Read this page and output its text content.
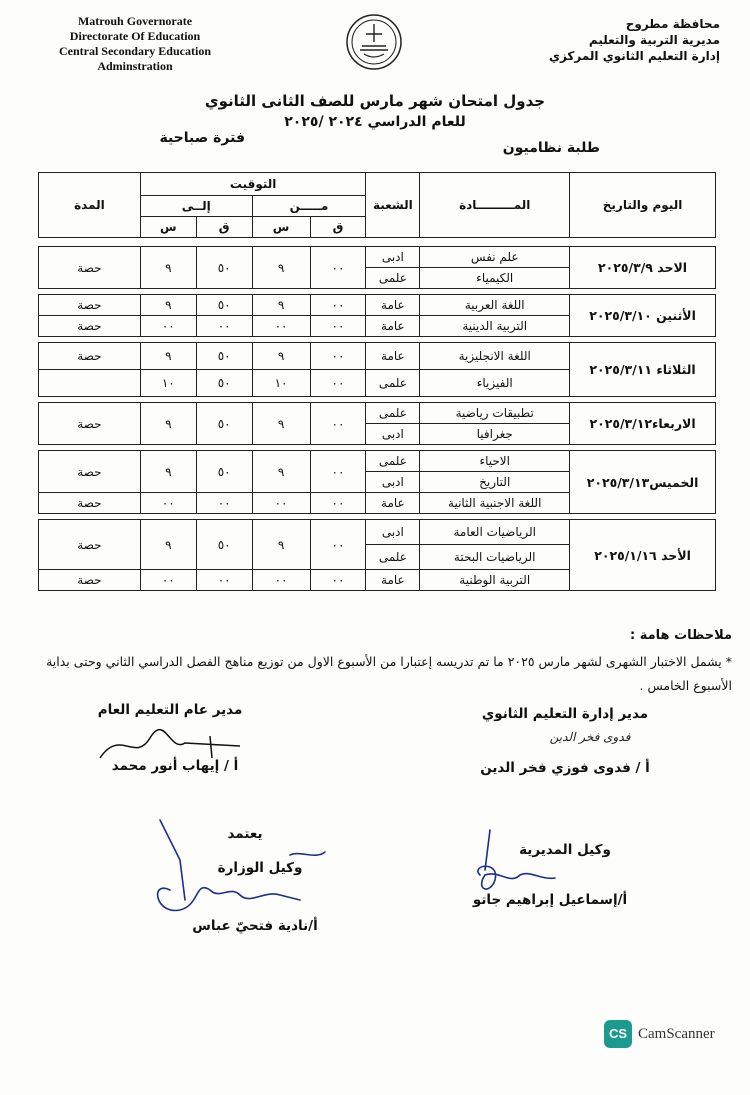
Matrouh Governorate
Directorate Of Education
Central Secondary Education Adminstration
محافظة مطروح
مديرية التربية والتعليم
إدارة التعليم الثانوي المركزي
جدول امتحان شهر مارس للصف الثانى الثانوي
للعام الدراسي ٢٠٢٤ /٢٠٢٥
طلبة نظاميون
فترة صباحية
اليوم والتاريخ	المـــــــــادة	الشعبة	التوقيت				المدة
			مـــــن		إلــى		
			ق	س	ق	س	

الاحد ٢٠٢٥/٣/٩	علم نفس	ادبى	٠٠	٩	٥٠	٩	حصة
	الكيمياء	علمى					

الأثنين ٢٠٢٥/٣/١٠	اللغة العربية	عامة	٠٠	٩	٥٠	٩	حصة
	التربية الدينية	عامة	٠٠	٠٠	٠٠	٠٠	حصة

الثلاثاء ٢٠٢٥/٣/١١	اللغة الانجليزية	عامة	٠٠	٩	٥٠	٩	حصة
	الفيزياء	علمى	٠٠	١٠	٥٠	١٠	

الاربعاء٢٠٢٥/٣/١٢	تطبيقات رياضية	علمى	٠٠	٩	٥٠	٩	حصة
	جغرافيا	ادبى					

الخميس٢٠٢٥/٣/١٣	الاحياء	علمى	٠٠	٩	٥٠	٩	حصة
	التاريخ	ادبى					
	اللغة الاجنبية الثانية	عامة	٠٠	٠٠	٠٠	٠٠	حصة

الأحد ٢٠٢٥/١/١٦	الرياضيات العامة	ادبى	٠٠	٩	٥٠	٩	حصة
	الرياضيات البحتة	علمى					
	التربية الوطنية	عامة	٠٠	٠٠	٠٠	٠٠	حصة
ملاحظات هامة :
* يشمل الاختبار الشهرى لشهر مارس ٢٠٢٥ ما تم تدريسه إعتبارا من الأسبوع الاول من توزيع مناهج الفصل الدراسي الثاني وحتى بداية الأسبوع الخامس .
مدير عام التعليم العام
أ / إيهاب أنور محمد
مدير إدارة التعليم الثانوي
فدوى فخر الدين
أ / فدوى فوزي فخر الدين
يعتمد
وكيل الوزارة
أ/نادية فتحيّ عباس
وكيل المديرية
أ/إسماعيل إبراهيم جاتو
CS CamScanner
